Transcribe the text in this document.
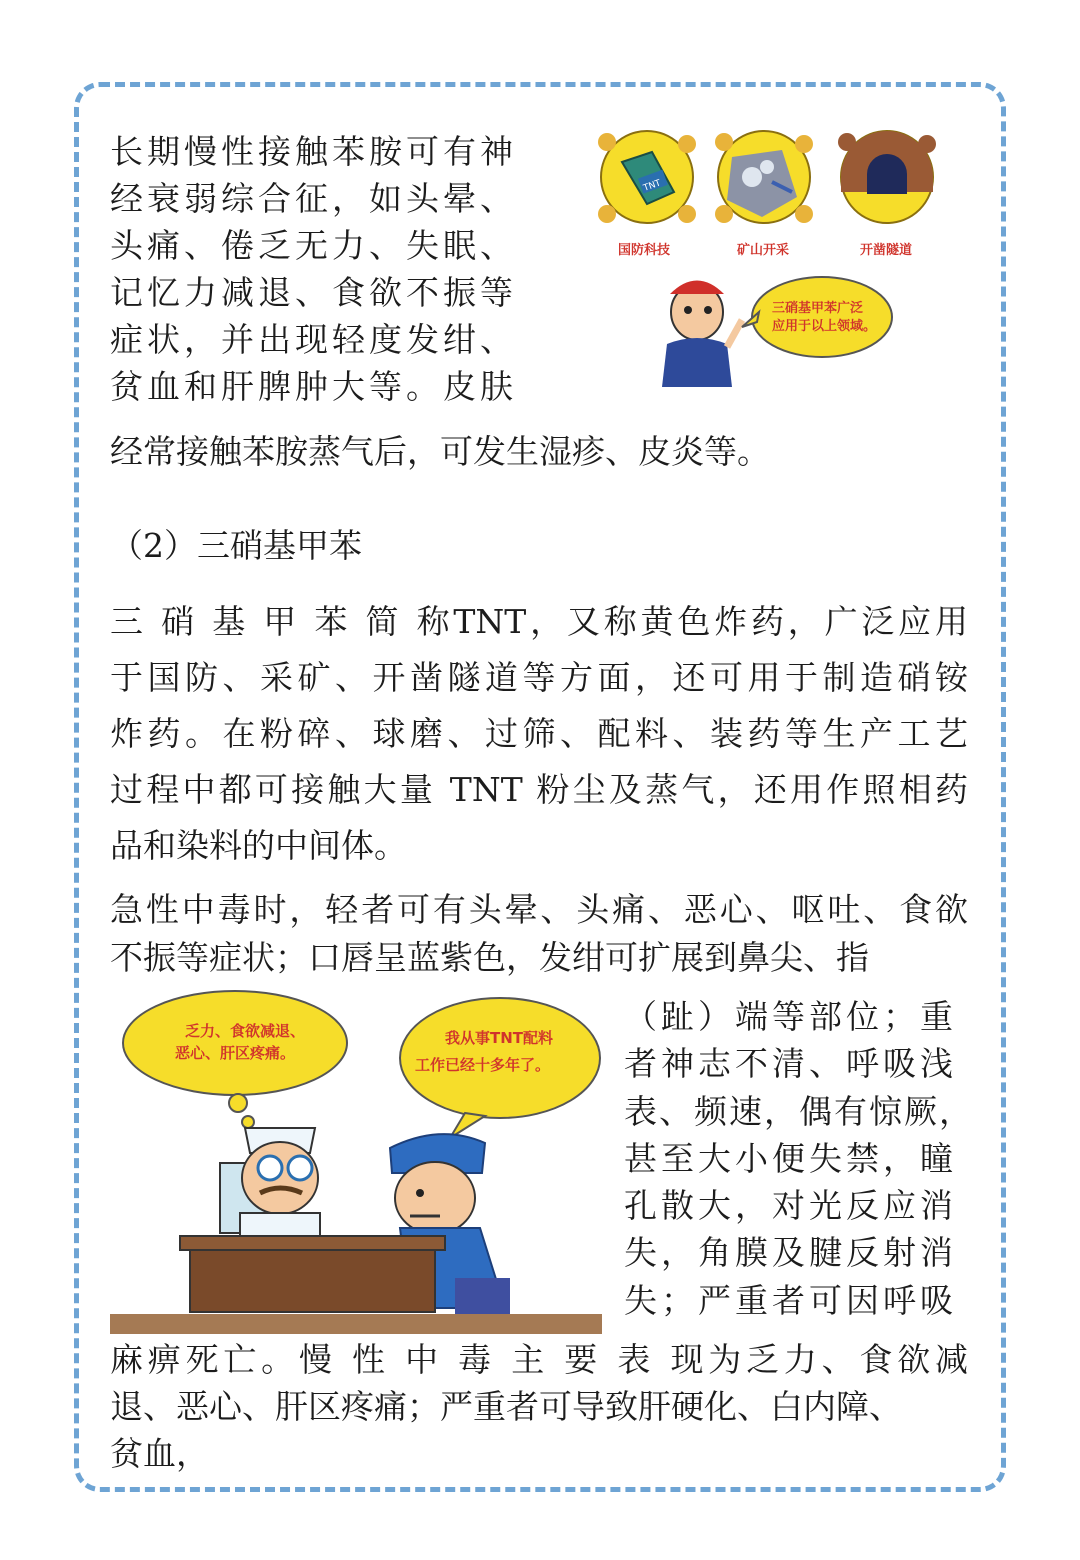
长期慢性接触苯胺可有神
经衰弱综合征，如头晕、
头痛、倦乏无力、失眠、
记忆力减退、食欲不振等
症状，并出现轻度发绀、
贫血和肝脾肿大等。皮肤

经常接触苯胺蒸气后，可发生湿疹、皮炎等。

TNT
国防科技	矿山开采	开凿隧道
三硝基甲苯广泛
应用于以上领域。

（2）三硝基甲苯

三 硝 基 甲 苯 简 称TNT，又称黄色炸药，广泛应用
于国防、采矿、开凿隧道等方面，还可用于制造硝铵
炸药。在粉碎、球磨、过筛、配料、装药等生产工艺
过程中都可接触大量 TNT 粉尘及蒸气，还用作照相药
品和染料的中间体。
急性中毒时，轻者可有头晕、头痛、恶心、呕吐、食欲
不振等症状；口唇呈蓝紫色，发绀可扩展到鼻尖、指
乏力、食欲减退、
恶心、肝区疼痛。
我从事TNT配料
工作已经十多年了。
（趾）端等部位；重
者神志不清、呼吸浅
表、频速，偶有惊厥，
甚至大小便失禁，瞳
孔散大，对光反应消
失，角膜及腱反射消
失；严重者可因呼吸
麻痹死亡。慢 性 中 毒 主 要 表 现为乏力、食欲减
退、恶心、肝区疼痛；严重者可导致肝硬化、白内障、
贫血，
